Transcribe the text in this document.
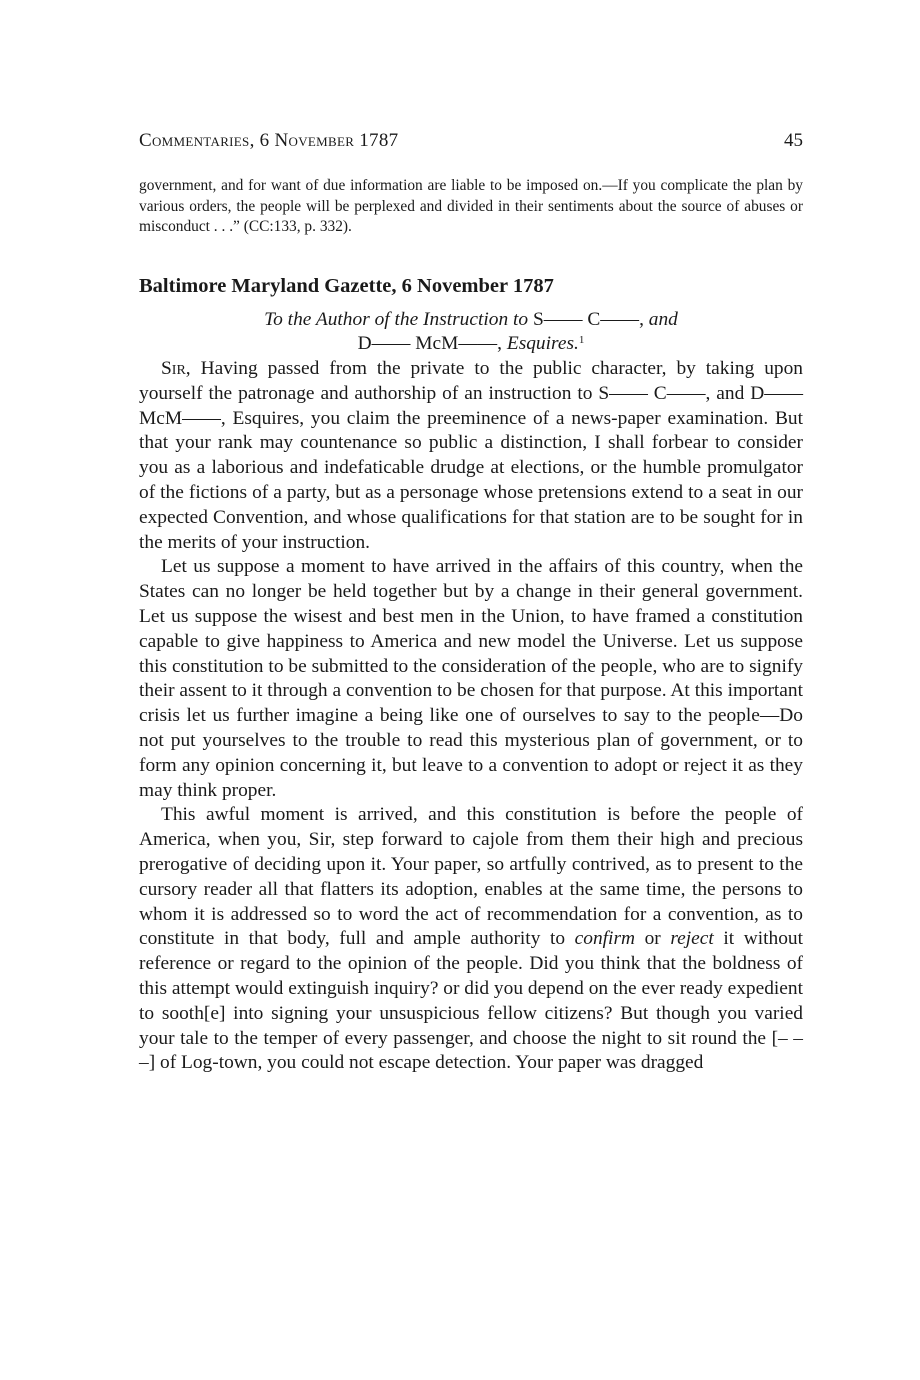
Commentaries, 6 November 1787	45

government, and for want of due information are liable to be imposed on.—If you complicate the plan by various orders, the people will be perplexed and divided in their sentiments about the source of abuses or misconduct . . .” (CC:133, p. 332).

Baltimore Maryland Gazette, 6 November 1787

To the Author of the Instruction to S—— C——, and

D—— McM——, Esquires.$^1$

Sir, Having passed from the private to the public character, by taking upon yourself the patronage and authorship of an instruction to S—— C——, and D—— McM——, Esquires, you claim the preeminence of a news-paper examination. But that your rank may countenance so public a distinction, I shall forbear to consider you as a laborious and indefaticable drudge at elections, or the humble promulgator of the fictions of a party, but as a personage whose pretensions extend to a seat in our expected Convention, and whose qualifications for that station are to be sought for in the merits of your instruction.

Let us suppose a moment to have arrived in the affairs of this country, when the States can no longer be held together but by a change in their general government. Let us suppose the wisest and best men in the Union, to have framed a constitution capable to give happiness to America and new model the Universe. Let us suppose this constitution to be submitted to the consideration of the people, who are to signify their assent to it through a convention to be chosen for that purpose. At this important crisis let us further imagine a being like one of ourselves to say to the people—Do not put yourselves to the trouble to read this mysterious plan of government, or to form any opinion concerning it, but leave to a convention to adopt or reject it as they may think proper.

This awful moment is arrived, and this constitution is before the people of America, when you, Sir, step forward to cajole from them their high and precious prerogative of deciding upon it. Your paper, so artfully contrived, as to present to the cursory reader all that flatters its adoption, enables at the same time, the persons to whom it is addressed so to word the act of recommendation for a convention, as to constitute in that body, full and ample authority to confirm or reject it without reference or regard to the opinion of the people. Did you think that the boldness of this attempt would extinguish inquiry? or did you depend on the ever ready expedient to sooth[e] into signing your unsuspicious fellow citizens? But though you varied your tale to the temper of every passenger, and choose the night to sit round the [– – –] of Log-town, you could not escape detection. Your paper was dragged
